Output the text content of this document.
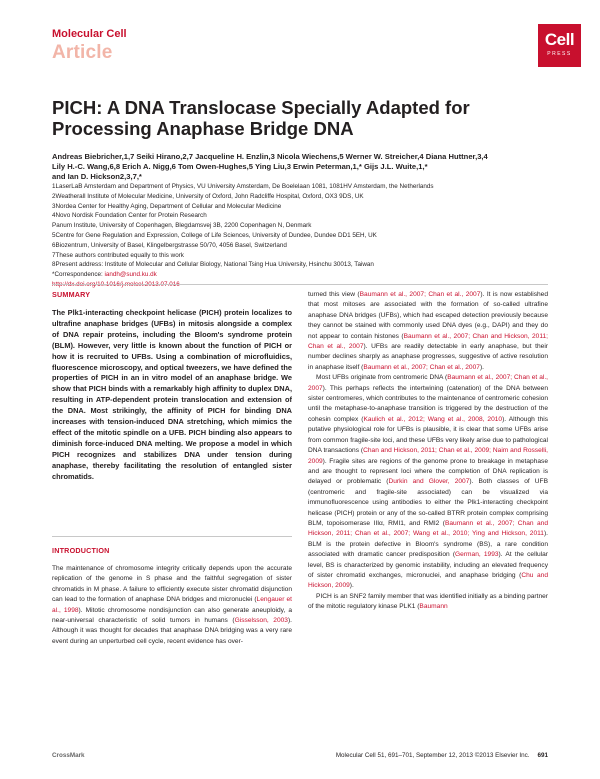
Molecular Cell
Article
Cell
PRESS
PICH: A DNA Translocase Specially Adapted for Processing Anaphase Bridge DNA
Andreas Biebricher,1,7 Seiki Hirano,2,7 Jacqueline H. Enzlin,3 Nicola Wiechens,5 Werner W. Streicher,4 Diana Huttner,3,4
Lily H.-C. Wang,6,8 Erich A. Nigg,6 Tom Owen-Hughes,5 Ying Liu,3 Erwin Peterman,1,* Gijs J.L. Wuite,1,*
and Ian D. Hickson2,3,7,*
1LaserLaB Amsterdam and Department of Physics, VU University Amsterdam, De Boelelaan 1081, 1081HV Amsterdam, the Netherlands
2Weatherall Institute of Molecular Medicine, University of Oxford, John Radcliffe Hospital, Oxford, OX3 9DS, UK
3Nordea Center for Healthy Aging, Department of Cellular and Molecular Medicine
4Novo Nordisk Foundation Center for Protein Research
Panum Institute, University of Copenhagen, Blegdamsvej 3B, 2200 Copenhagen N, Denmark
5Centre for Gene Regulation and Expression, College of Life Sciences, University of Dundee, Dundee DD1 5EH, UK
6Biozentrum, University of Basel, Klingelbergstrasse 50/70, 4056 Basel, Switzerland
7These authors contributed equally to this work
8Present address: Institute of Molecular and Cellular Biology, National Tsing Hua University, Hsinchu 30013, Taiwan
*Correspondence: iandh@sund.ku.dk
http://dx.doi.org/10.1016/j.molcel.2013.07.016
SUMMARY

The Plk1-interacting checkpoint helicase (PICH) protein localizes to ultrafine anaphase bridges (UFBs) in mitosis alongside a complex of DNA repair proteins, including the Bloom's syndrome protein (BLM). However, very little is known about the function of PICH or how it is recruited to UFBs. Using a combination of microfluidics, fluorescence microscopy, and optical tweezers, we have defined the properties of PICH in an in vitro model of an anaphase bridge. We show that PICH binds with a remarkably high affinity to duplex DNA, resulting in ATP-dependent protein translocation and extension of the DNA. Most strikingly, the affinity of PICH for binding DNA increases with tension-induced DNA stretching, which mimics the effect of the mitotic spindle on a UFB. PICH binding also appears to diminish force-induced DNA melting. We propose a model in which PICH recognizes and stabilizes DNA under tension during anaphase, thereby facilitating the resolution of entangled sister chromatids.

INTRODUCTION

The maintenance of chromosome integrity critically depends upon the accurate replication of the genome in S phase and the faithful segregation of sister chromatids in M phase. A failure to efficiently execute sister chromatid disjunction can lead to the formation of anaphase DNA bridges and micronuclei (Lengauer et al., 1998). Mitotic chromosome nondisjunction can also generate aneuploidy, a near-universal characteristic of solid tumors in humans (Gisselsson, 2003). Although it was thought for decades that anaphase DNA bridging was a very rare event during an unperturbed cell cycle, recent evidence has over-

turned this view (Baumann et al., 2007; Chan et al., 2007). It is now established that most mitoses are associated with the formation of so-called ultrafine anaphase DNA bridges (UFBs), which had escaped detection previously because they cannot be stained with commonly used DNA dyes (e.g., DAPI) and they do not appear to contain histones (Baumann et al., 2007; Chan and Hickson, 2011; Chan et al., 2007). UFBs are readily detectable in early anaphase, but their number declines sharply as anaphase progresses, suggestive of active resolution in anaphase itself (Baumann et al., 2007; Chan et al., 2007).

Most UFBs originate from centromeric DNA (Baumann et al., 2007; Chan et al., 2007). This perhaps reflects the intertwining (catenation) of the DNA between sister centromeres, which contributes to the maintenance of centromeric cohesion until the metaphase-to-anaphase transition is triggered by the destruction of the cohesin complex (Kaulich et al., 2012; Wang et al., 2008, 2010). Although this putative physiological role for UFBs is plausible, it is clear that some UFBs arise from common fragile-site loci, and these UFBs very likely arise due to pathological DNA transactions (Chan and Hickson, 2011; Chan et al., 2009; Naim and Rosselli, 2009). Fragile sites are regions of the genome prone to breakage in metaphase and are thought to represent loci where the completion of DNA replication is delayed or problematic (Durkin and Glover, 2007). Both classes of UFB (centromeric and fragile-site associated) can be visualized via immunofluorescence using antibodies to either the Plk1-interacting checkpoint helicase (PICH) protein or any of the so-called BTRR protein complex comprising BLM, topoisomerase IIIα, RMI1, and RMI2 (Baumann et al., 2007; Chan and Hickson, 2011; Chan et al., 2007; Wang et al., 2010; Ying and Hickson, 2011). BLM is the protein defective in Bloom's syndrome (BS), a rare condition associated with dramatic cancer predisposition (German, 1993). At the cellular level, BS is characterized by genomic instability, including an elevated frequency of sister chromatid exchanges, micronuclei, and anaphase bridging (Chu and Hickson, 2009).

PICH is an SNF2 family member that was identified initially as a binding partner of the mitotic regulatory kinase PLK1 (Baumann

CrossMark	Molecular Cell 51, 691–701, September 12, 2013 ©2013 Elsevier Inc. 691
